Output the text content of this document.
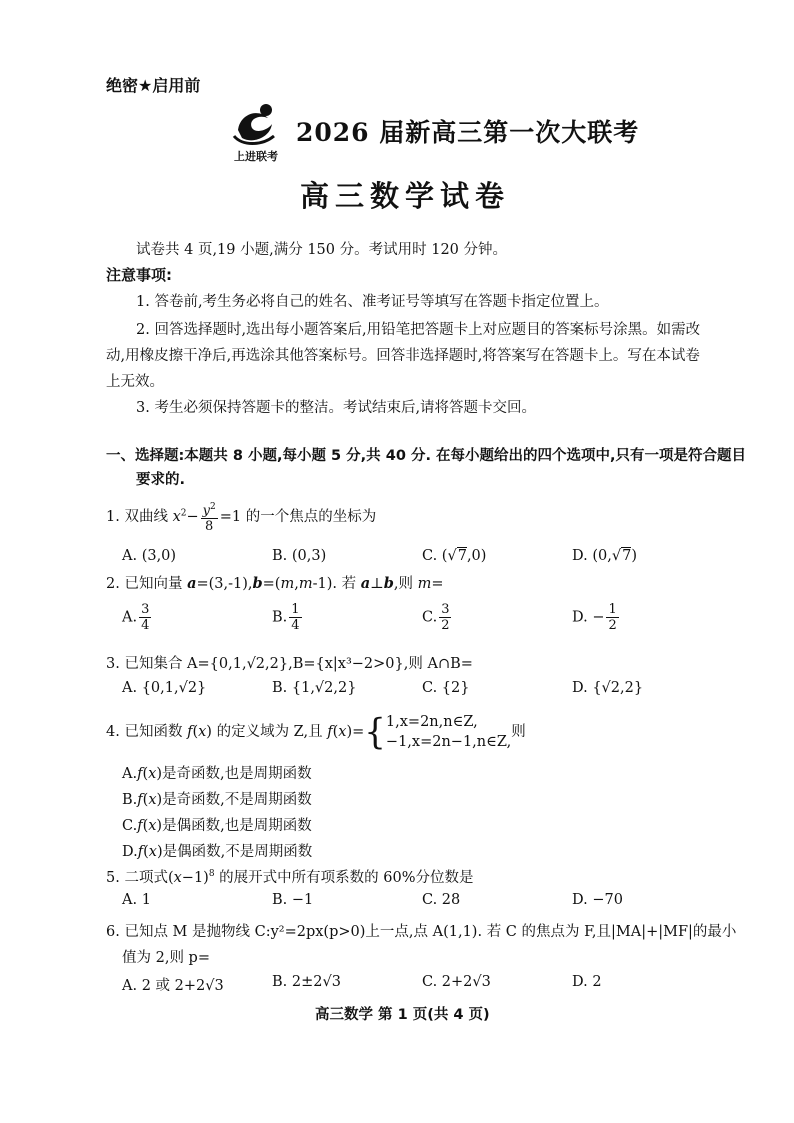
绝密★启用前
上进联考
2026 届新高三第一次大联考
高三数学试卷
试卷共 4 页,19 小题,满分 150 分。考试用时 120 分钟。
注意事项:
1. 答卷前,考生务必将自己的姓名、准考证号等填写在答题卡指定位置上。
2. 回答选择题时,选出每小题答案后,用铅笔把答题卡上对应题目的答案标号涂黑。如需改
动,用橡皮擦干净后,再选涂其他答案标号。回答非选择题时,将答案写在答题卡上。写在本试卷
上无效。
3. 考生必须保持答题卡的整洁。考试结束后,请将答题卡交回。
一、选择题:本题共 8 小题,每小题 5 分,共 40 分. 在每小题给出的四个选项中,只有一项是符合题目
要求的.
1. 双曲线 $x^2- \frac{y^2}{8} =1$ 的一个焦点的坐标为
A. (3,0)	B. (0,3)	C. (√7,0)	D. (0,√7)
2. 已知向量 a=(3,-1),b=(m,m-1). 若 a⊥b,则 m=
A. $\frac{3}{4}$	B. $\frac{1}{4}$	C. $\frac{3}{2}$	D. − $\frac{1}{2}$
3. 已知集合 A={0,1,√2,2},B={x|x³−2>0},则 A∩B=
A. {0,1,√2}	B. {1,√2,2}	C. {2}	D. {√2,2}
4. 已知函数 f(x) 的定义域为 Z,且 f(x)={ 1,x=2n,n∈Z,
−1,x=2n−1,n∈Z,
则
A.f(x)是奇函数,也是周期函数
B.f(x)是奇函数,不是周期函数
C.f(x)是偶函数,也是周期函数
D.f(x)是偶函数,不是周期函数
5. 二项式$(x-1)^8$ 的展开式中所有项系数的 60%分位数是
A. 1	B. −1	C. 28	D. −70
6. 已知点 M 是抛物线 C:y²=2px(p>0)上一点,点 A(1,1). 若 C 的焦点为 F,且|MA|+|MF|的最小
值为 2,则 p=
A. 2 或 2+2√3	B. 2±2√3	C. 2+2√3	D. 2
高三数学 第 1 页(共 4 页)
